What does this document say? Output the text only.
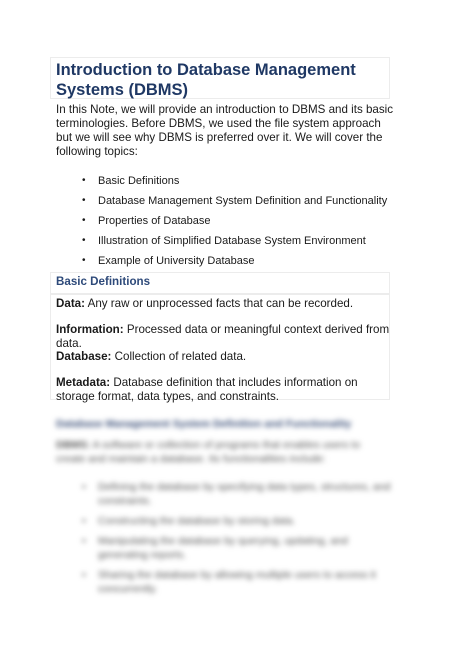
Introduction to Database Management Systems (DBMS)

In this Note, we will provide an introduction to DBMS and its basic terminologies. Before DBMS, we used the file system approach but we will see why DBMS is preferred over it. We will cover the following topics:

• Basic Definitions
• Database Management System Definition and Functionality
• Properties of Database
• Illustration of Simplified Database System Environment
• Example of University Database
Basic Definitions

Data: Any raw or unprocessed facts that can be recorded.

Information: Processed data or meaningful context derived from data.

Database: Collection of related data.

Metadata: Database definition that includes information on storage format, data types, and constraints.

Database Management System Definition and Functionality

DBMS: A software or collection of programs that enables users to create and maintain a database. Its functionalities include:

• Defining the database by specifying data types, structures, and constraints.
• Constructing the database by storing data.
• Manipulating the database by querying, updating, and generating reports.
• Sharing the database by allowing multiple users to access it concurrently.
